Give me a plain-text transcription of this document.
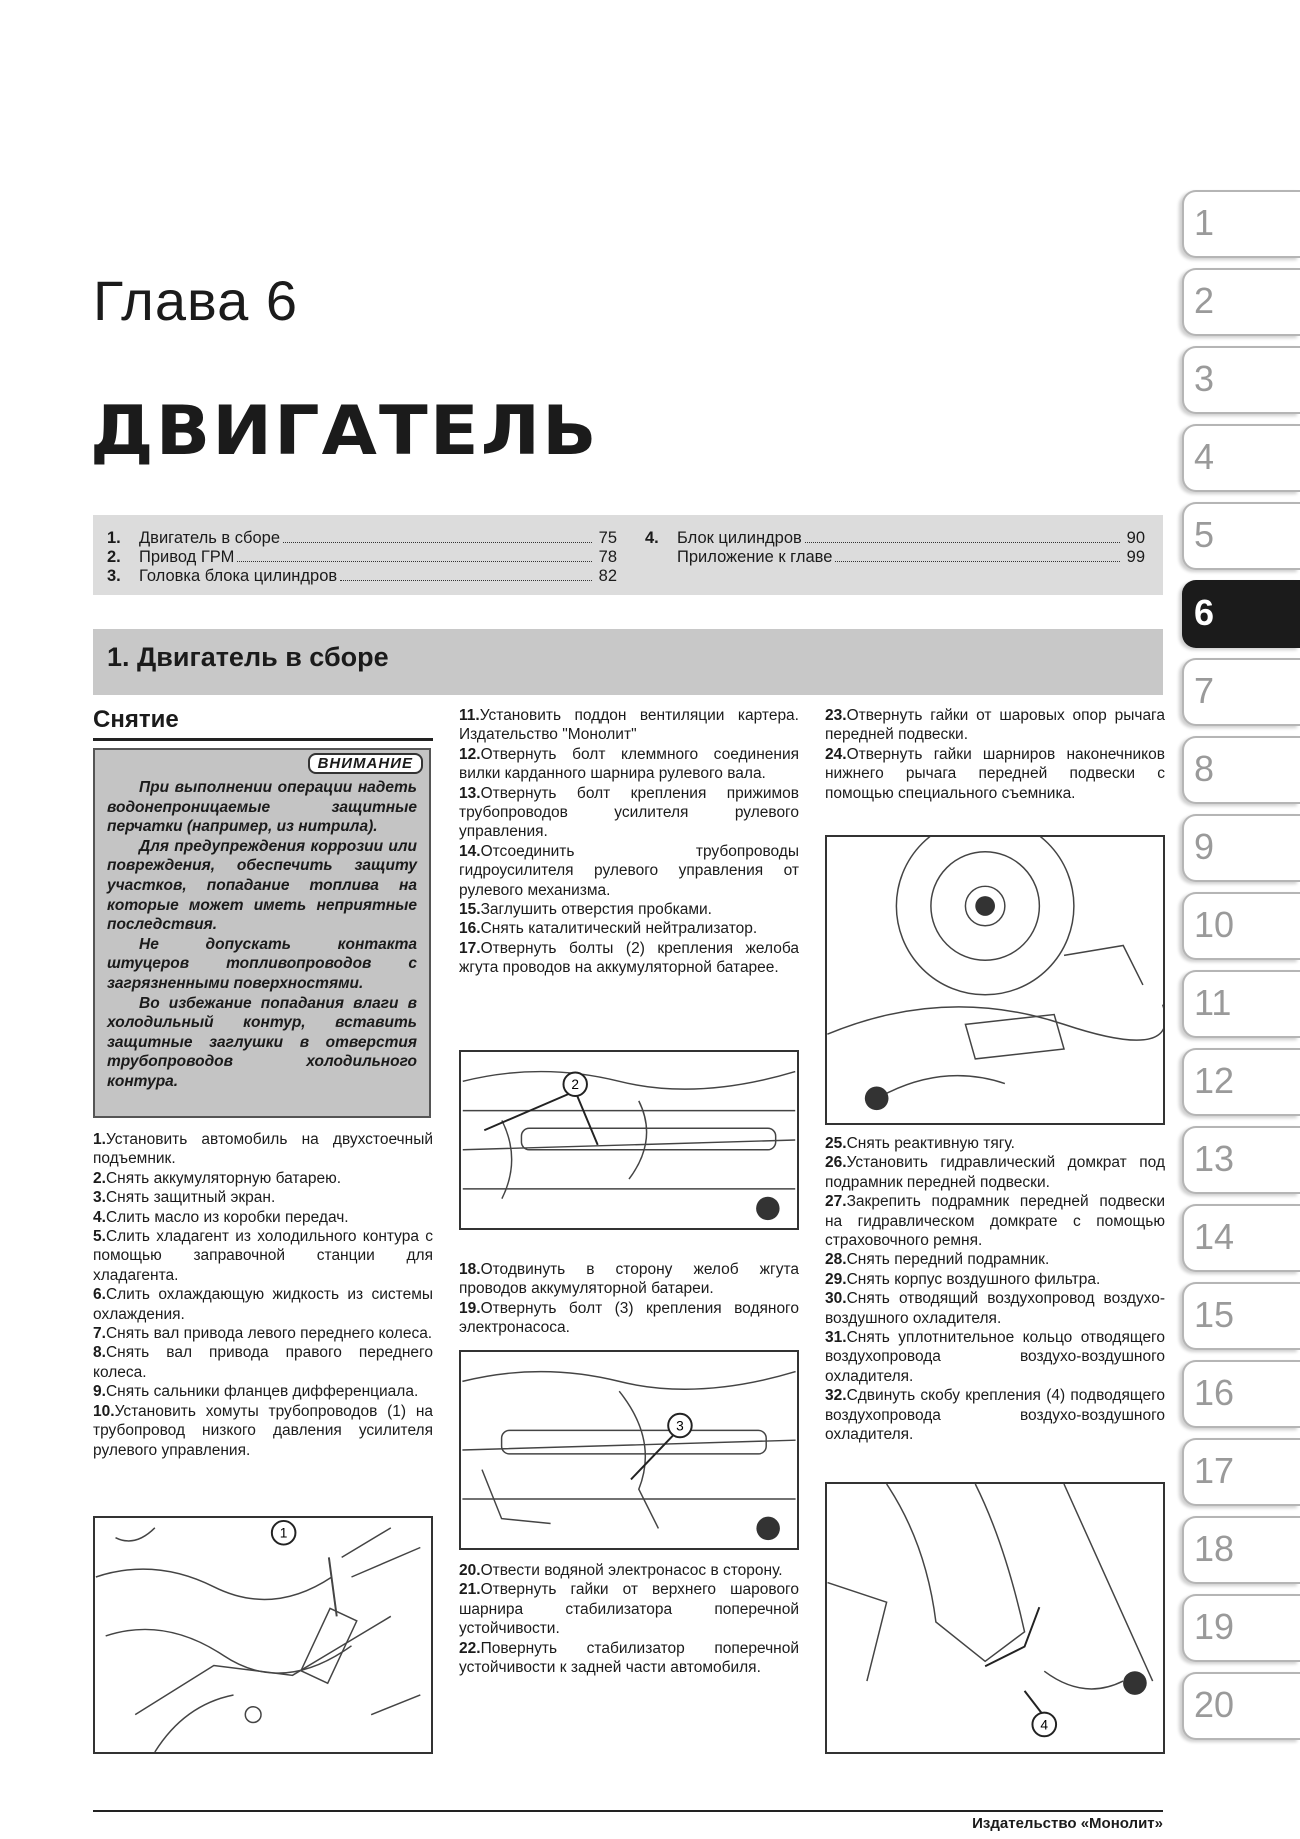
Глава 6
ДВИГАТЕЛЬ
1.	Двигатель в сборе	75
2.	Привод ГРМ	78
3.	Головка блока цилиндров	82
4.	Блок цилиндров	90
Приложение к главе	99
1. Двигатель в сборе
Снятие
ВНИМАНИЕ

При выполнении операции надеть водонепроницаемые защитные перчатки (например, из нитрила).

Для предупреждения коррозии или повреждения, обеспечить защиту участков, попадание топлива на которые может иметь неприятные последствия.

Не допускать контакта штуцеров топливопроводов с загрязненными поверхностями.

Во избежание попадания влаги в холодильный контур, вставить защитные заглушки в отверстия трубопроводов холодильного контура.

1.Установить автомобиль на двухстоечный подъемник.

2.Снять аккумуляторную батарею.

3.Снять защитный экран.

4.Слить масло из коробки передач.

5.Слить хладагент из холодильного контура с помощью заправочной станции для хладагента.

6.Слить охлаждающую жидкость из системы охлаждения.

7.Снять вал привода левого переднего колеса.

8.Снять вал привода правого переднего колеса.

9.Снять сальники фланцев дифференциала.

10.Установить хомуты трубопроводов (1) на трубопровод низкого давления усилителя рулевого управления.

1

11.Установить поддон вентиляции картера. Издательство "Монолит"

12.Отвернуть болт клеммного соединения вилки карданного шарнира рулевого вала.

13.Отвернуть болт крепления прижимов трубопроводов усилителя рулевого управления.

14.Отсоединить трубопроводы гидроусилителя рулевого управления от рулевого механизма.

15.Заглушить отверстия пробками.

16.Снять каталитический нейтрализатор.

17.Отвернуть болты (2) крепления желоба жгута проводов на аккумуляторной батарее.

2

18.Отодвинуть в сторону желоб жгута проводов аккумуляторной батареи.

19.Отвернуть болт (3) крепления водяного электронасоса.

3

20.Отвести водяной электронасос в сторону.

21.Отвернуть гайки от верхнего шарового шарнира стабилизатора поперечной устойчивости.

22.Повернуть стабилизатор поперечной устойчивости к задней части автомобиля.

23.Отвернуть гайки от шаровых опор рычага передней подвески.

24.Отвернуть гайки шарниров наконечников нижнего рычага передней подвески с помощью специального съемника.

25.Снять реактивную тягу.

26.Установить гидравлический домкрат под подрамник передней подвески.

27.Закрепить подрамник передней подвески на гидравлическом домкрате с помощью страховочного ремня.

28.Снять передний подрамник.

29.Снять корпус воздушного фильтра.

30.Снять отводящий воздухопровод воздухо-воздушного охладителя.

31.Снять уплотнительное кольцо отводящего воздухопровода воздухо-воздушного охладителя.

32.Сдвинуть скобу крепления (4) подводящего воздухопровода воздухо-воздушного охладителя.

4
1
2
3
4
5
6
7
8
9
10
11
12
13
14
15
16
17
18
19
20
Издательство «Монолит»
